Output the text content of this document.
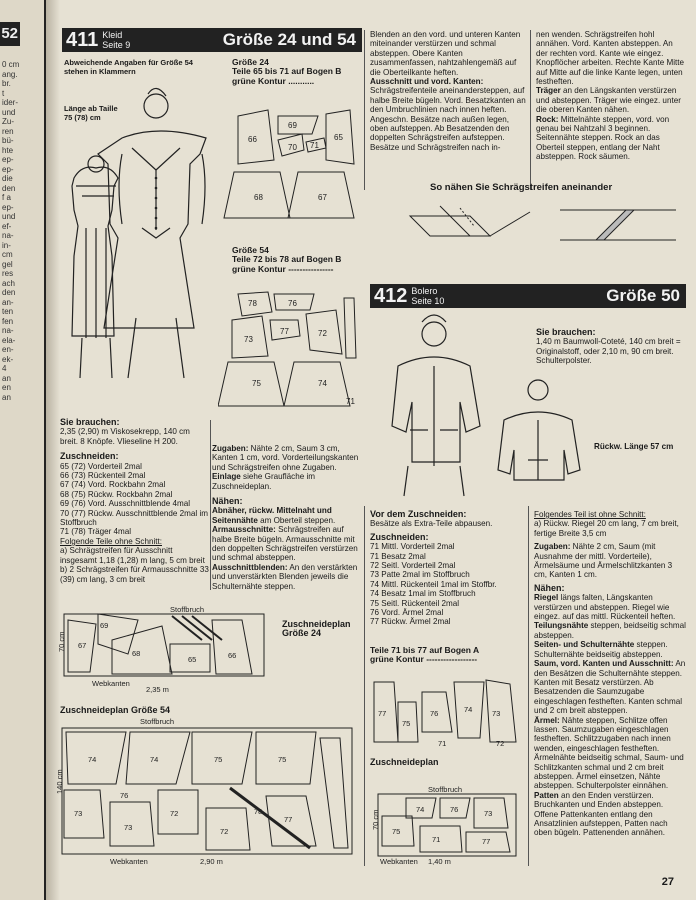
52
0 cm
ang.
br.
t
ider-
und
Zu-
ren
bü-
hte
ep-
ep-
die
den
f a
ep-
und
ef-
na-
in-
cm
gel
res
ach
den
an-
ten
fen
na-
ela-
en-
ek-
4
an
en
an
411 Kleid
Seite 9	Größe 24 und 54
Abweichende Angaben für Größe 54 stehen in Klammern
Länge ab Taille
75 (78) cm
Größe 24
Teile 65 bis 71 auf Bogen B
grüne Kontur ...........
69
66
70 71
65
68	67
Größe 54
Teile 72 bis 78 auf Bogen B
grüne Kontur ----------------
78	76
73
77	72
75	74
71
Sie brauchen:
2,35 (2,90) m Viskosekrepp, 140 cm breit. 8 Knöpfe. Vlieseline H 200.
Zuschneiden:
65 (72) Vorderteil 2mal
66 (73) Rückenteil 2mal
67 (74) Vord. Rockbahn 2mal
68 (75) Rückw. Rockbahn 2mal
69 (76) Vord. Ausschnittblende 4mal
70 (77) Rückw. Ausschnittblende 2mal im Stoffbruch
71 (78) Träger 4mal
Folgende Teile ohne Schnitt:
a) Schrägstreifen für Ausschnitt insgesamt 1,18 (1,28) m lang, 5 cm breit
b) 2 Schrägstreifen für Armausschnitte 33 (39) cm lang, 3 cm breit
Zugaben: Nähte 2 cm, Saum 3 cm, Kanten 1 cm, vord. Vorderteilungskanten und Schrägstreifen ohne Zugaben.
Einlage siehe Graufläche im Zuschneideplan.
Nähen:
Abnäher, rückw. Mittelnaht und Seitennähte am Oberteil steppen.
Armausschnitte: Schrägstreifen auf halbe Breite bügeln. Armausschnitte mit den doppelten Schrägstreifen verstürzen und schmal absteppen.
Ausschnittblenden: An den verstärkten und unverstärkten Blenden jeweils die Schulternähte steppen.
Zuschneideplan
Größe 24
67
69
68
65	66
Stoffbruch
Webkanten
2,35 m
70 cm
Zuschneideplan Größe 54
74	74	75	75
73	72
73	72
76
78
77
Stoffbruch
Webkanten	2,90 m
140 cm
Blenden an den vord. und unteren Kanten miteinander verstürzen und schmal absteppen. Obere Kanten zusammenfassen, nahtzahlengemäß auf die Oberteilkante heften.
Ausschnitt und vord. Kanten: Schrägstreifenteile aneinandersteppen, auf halbe Breite bügeln. Vord. Besatzkanten an den Umbruchlinien nach innen heften. Angeschn. Besätze nach außen legen, oben aufsteppen. Ab Besatzenden den doppelten Schrägstreifen aufsteppen. Besätze und Schrägstreifen nach in-
nen wenden. Schrägstreifen hohl annähen. Vord. Kanten absteppen. An der rechten vord. Kante wie eingez. Knopflöcher arbeiten. Rechte Kante Mitte auf Mitte auf die linke Kante legen, unten festheften.
Träger an den Längskanten verstürzen und absteppen. Träger wie eingez. unter die oberen Kanten nähen.
Rock: Mittelnähte steppen, vord. von genau bei Nahtzahl 3 beginnen. Seitennähte steppen. Rock an das Oberteil steppen, entlang der Naht absteppen. Rock säumen.
So nähen Sie Schrägstreifen aneinander
412 Bolero
Seite 10	Größe 50
Sie brauchen:
1,40 m Baumwoll-Coteté, 140 cm breit = Originalstoff, oder 2,10 m, 90 cm breit. Schulterpolster.
Rückw. Länge 57 cm
Vor dem Zuschneiden:
Besätze als Extra-Teile abpausen.
Zuschneiden:
71 Mittl. Vorderteil 2mal
71 Besatz 2mal
72 Seitl. Vorderteil 2mal
73 Patte 2mal im Stoffbruch
74 Mittl. Rückenteil 1mal im Stoffbr.
74 Besatz 1mal im Stoffbruch
75 Seitl. Rückenteil 2mal
76 Vord. Ärmel 2mal
77 Rückw. Ärmel 2mal
Teile 71 bis 77 auf Bogen A
grüne Kontur ------------------
77
75
76	74	73
71	72
Zuschneideplan
74	76	73
75
71	77
Stoffbruch
Webkanten 1,40 m
70 cm
Folgendes Teil ist ohne Schnitt:
a) Rückw. Riegel 20 cm lang, 7 cm breit, fertige Breite 3,5 cm
Zugaben: Nähte 2 cm, Saum (mit Ausnahme der mittl. Vorderteile), Ärmelsäume und Ärmelschlitzkanten 3 cm, Kanten 1 cm.
Nähen:
Riegel längs falten, Längskanten verstürzen und absteppen. Riegel wie eingez. auf das mittl. Rückenteil heften.
Teilungsnähte steppen, beidseitig schmal absteppen.
Seiten- und Schulternähte steppen. Schulternähte beidseitig absteppen.
Saum, vord. Kanten und Ausschnitt: An den Besätzen die Schulternähte steppen. Kanten mit Besatz verstürzen. Ab Besatzenden die Saumzugabe eingeschlagen festheften. Kanten schmal und 2 cm breit absteppen.
Ärmel: Nähte steppen, Schlitze offen lassen. Saumzugaben eingeschlagen festheften. Schlitzzugaben nach innen wenden, eingeschlagen festheften. Ärmelnähte beidseitig schmal, Saum- und Schlitzkanten schmal und 2 cm breit absteppen. Ärmel einsetzen, Nähte absteppen. Schulterpolster einnähen.
Patten an den Enden verstürzen. Bruchkanten und Enden absteppen. Offene Pattenkanten entlang den Ansatzlinien aufsteppen, Patten nach oben bügeln. Pattenenden annähen.
27
